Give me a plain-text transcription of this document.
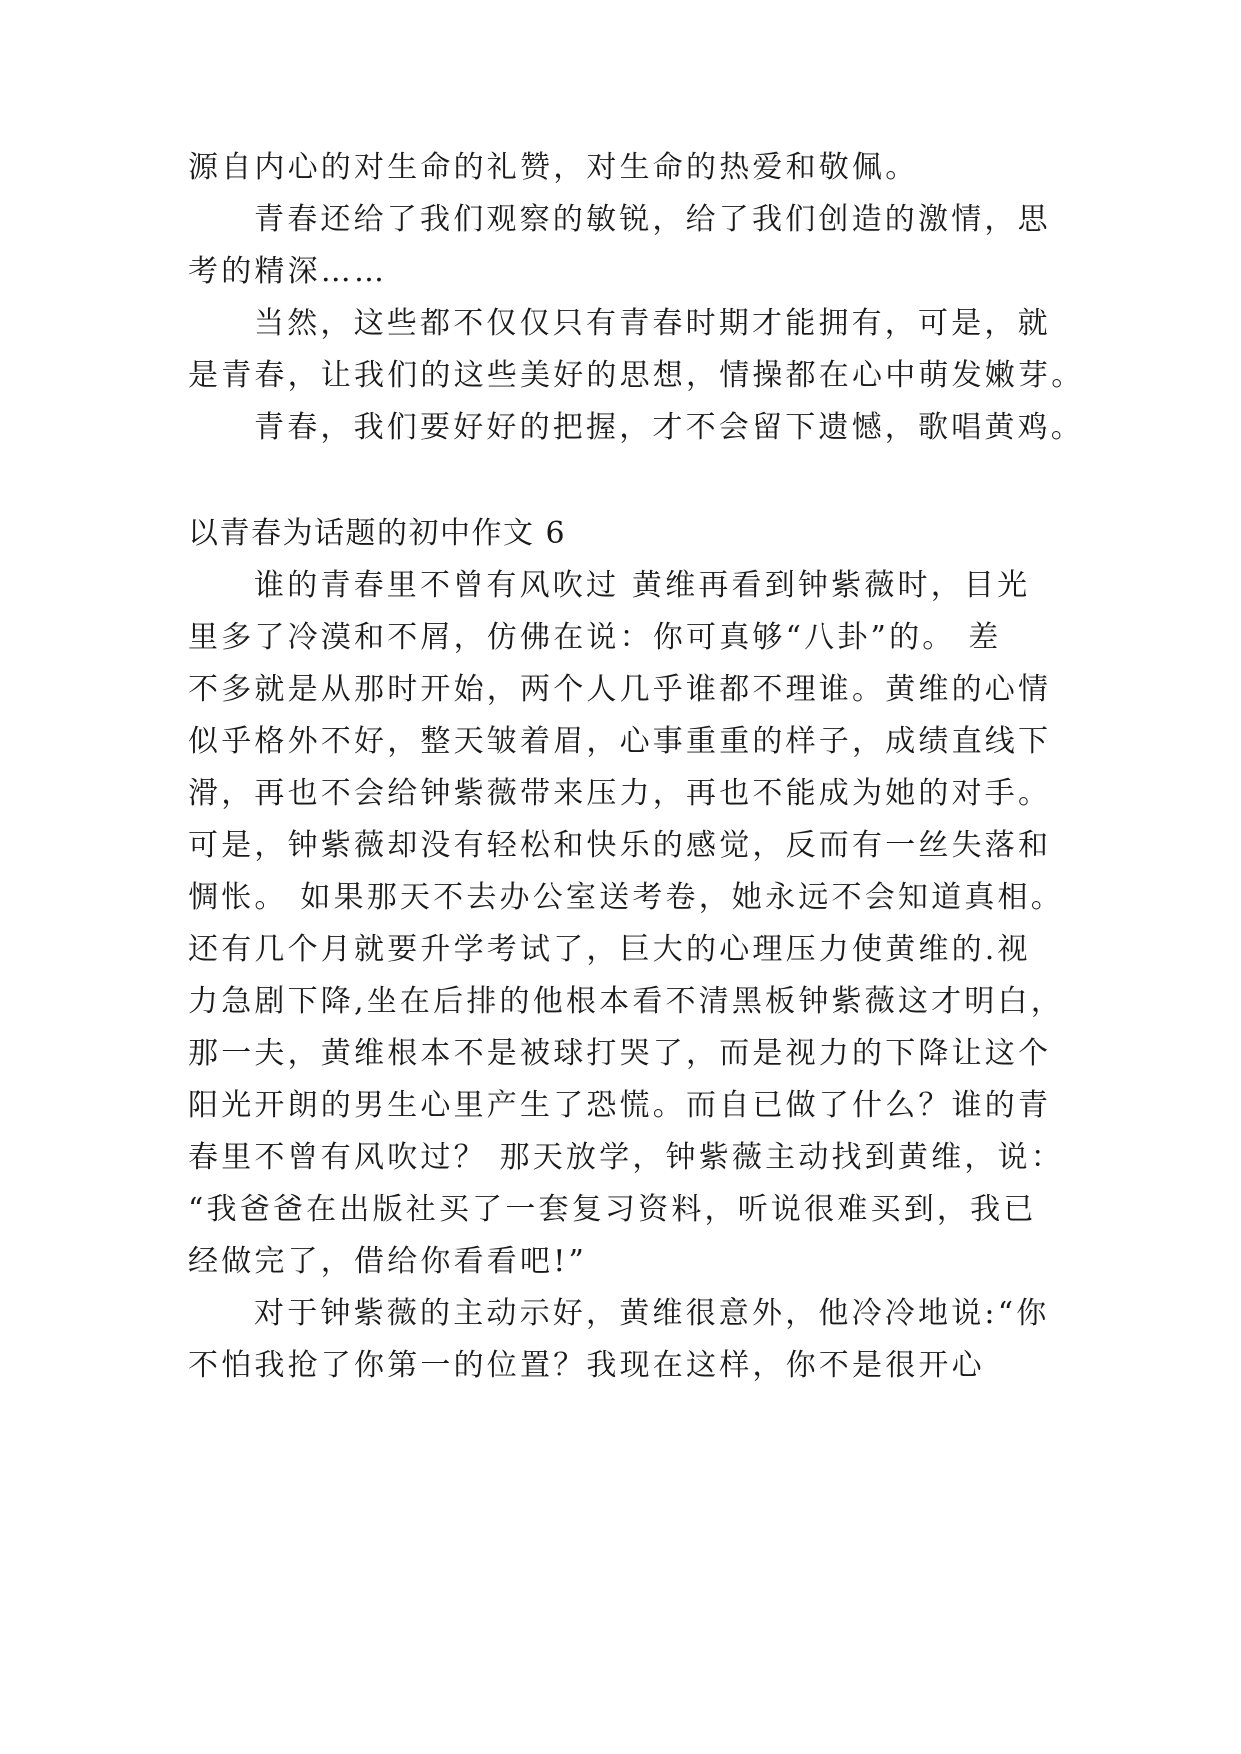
源自内心的对生命的礼赞，对生命的热爱和敬佩。
青春还给了我们观察的敏锐，给了我们创造的激情，思
考的精深……
当然，这些都不仅仅只有青春时期才能拥有，可是，就
是青春，让我们的这些美好的思想，情操都在心中萌发嫩芽。
青春，我们要好好的把握，才不会留下遗憾，歌唱黄鸡。
以青春为话题的初中作文 6
谁的青春里不曾有风吹过 黄维再看到钟紫薇时，目光
里多了冷漠和不屑，仿佛在说：你可真够“八卦”的。 差
不多就是从那时开始，两个人几乎谁都不理谁。黄维的心情
似乎格外不好，整天皱着眉，心事重重的样子，成绩直线下
滑，再也不会给钟紫薇带来压力，再也不能成为她的对手。
可是，钟紫薇却没有轻松和快乐的感觉，反而有一丝失落和
惆怅。 如果那天不去办公室送考卷，她永远不会知道真相。
还有几个月就要升学考试了，巨大的心理压力使黄维的.视
力急剧下降,坐在后排的他根本看不清黑板钟紫薇这才明白，
那一夫，黄维根本不是被球打哭了，而是视力的下降让这个
阳光开朗的男生心里产生了恐慌。而自已做了什么？谁的青
春里不曾有风吹过？ 那天放学，钟紫薇主动找到黄维，说：
“我爸爸在出版社买了一套复习资料，听说很难买到，我已
经做完了，借给你看看吧!”
对于钟紫薇的主动示好，黄维很意外，他冷冷地说:“你
不怕我抢了你第一的位置？我现在这样，你不是很开心
